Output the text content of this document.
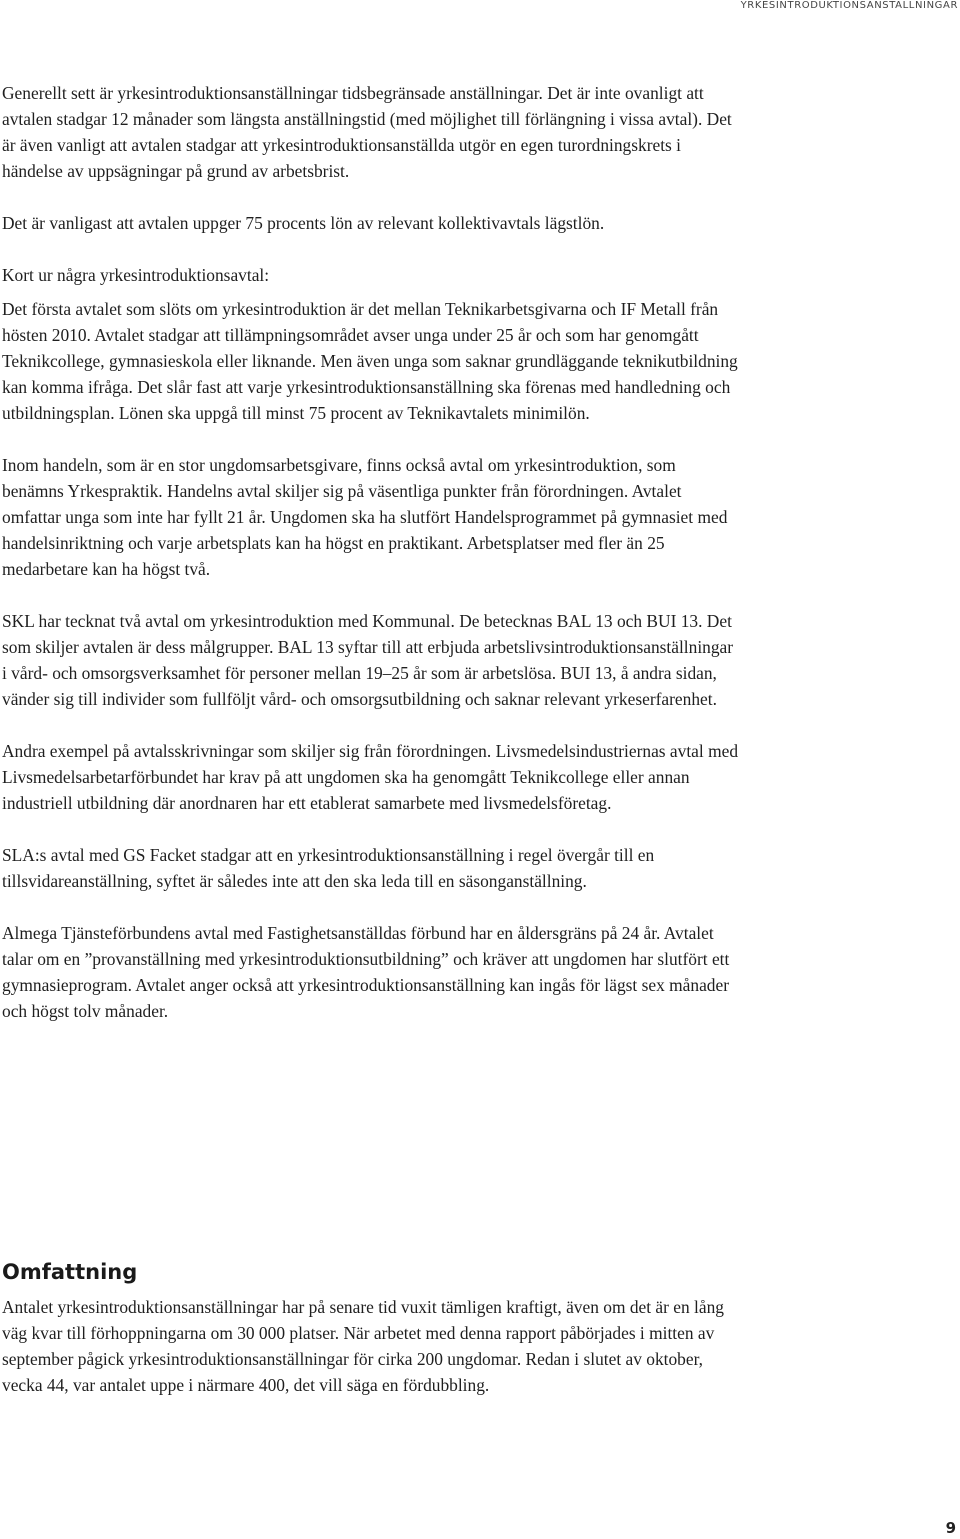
YRKESINTRODUKTIONSANSTÄLLNINGAR

Generellt sett är yrkesintroduktionsanställningar tidsbegränsade anställningar. Det är inte ovanligt att avtalen stadgar 12 månader som längsta anställningstid (med möjlighet till förlängning i vissa avtal). Det är även vanligt att avtalen stadgar att yrkesintroduktionsanställda utgör en egen turordningskrets i händelse av uppsägningar på grund av arbetsbrist.

Det är vanligast att avtalen uppger 75 procents lön av relevant kollektivavtals lägstlön.

Kort ur några yrkesintroduktionsavtal:

Det första avtalet som slöts om yrkesintroduktion är det mellan Teknikarbetsgivarna och IF Metall från hösten 2010. Avtalet stadgar att tillämpningsområdet avser unga under 25 år och som har genomgått Teknikcollege, gymnasieskola eller liknande. Men även unga som saknar grundläggande teknikutbildning kan komma ifråga. Det slår fast att varje yrkesintroduktionsanställning ska förenas med handledning och utbildningsplan. Lönen ska uppgå till minst 75 procent av Teknikavtalets minimilön.

Inom handeln, som är en stor ungdomsarbetsgivare, finns också avtal om yrkesintroduktion, som benämns Yrkespraktik. Handelns avtal skiljer sig på väsentliga punkter från förordningen. Avtalet omfattar unga som inte har fyllt 21 år. Ungdomen ska ha slutfört Handelsprogrammet på gymnasiet med handelsinriktning och varje arbetsplats kan ha högst en praktikant. Arbetsplatser med fler än 25 medarbetare kan ha högst två.

SKL har tecknat två avtal om yrkesintroduktion med Kommunal. De betecknas BAL 13 och BUI 13. Det som skiljer avtalen är dess målgrupper. BAL 13 syftar till att erbjuda arbetslivsintroduktionsanställningar i vård- och omsorgsverksamhet för personer mellan 19–25 år som är arbetslösa. BUI 13, å andra sidan, vänder sig till individer som fullföljt vård- och omsorgsutbildning och saknar relevant yrkeserfarenhet.

Andra exempel på avtalsskrivningar som skiljer sig från förordningen. Livsmedelsindustriernas avtal med Livsmedelsarbetarförbundet har krav på att ungdomen ska ha genomgått Teknikcollege eller annan industriell utbildning där anordnaren har ett etablerat samarbete med livsmedelsföretag.

SLA:s avtal med GS Facket stadgar att en yrkesintroduktionsanställning i regel övergår till en tillsvidareanställning, syftet är således inte att den ska leda till en säsonganställning.

Almega Tjänsteförbundens avtal med Fastighetsanställdas förbund har en åldersgräns på 24 år. Avtalet talar om en ”provanställning med yrkesintroduktionsutbildning” och kräver att ungdomen har slutfört ett gymnasieprogram. Avtalet anger också att yrkesintroduktionsanställning kan ingås för lägst sex månader och högst tolv månader.

Omfattning

Antalet yrkesintroduktionsanställningar har på senare tid vuxit tämligen kraftigt, även om det är en lång väg kvar till förhoppningarna om 30 000 platser. När arbetet med denna rapport påbörjades i mitten av september pågick yrkesintroduktionsanställningar för cirka 200 ungdomar. Redan i slutet av oktober, vecka 44, var antalet uppe i närmare 400, det vill säga en fördubbling.

9
